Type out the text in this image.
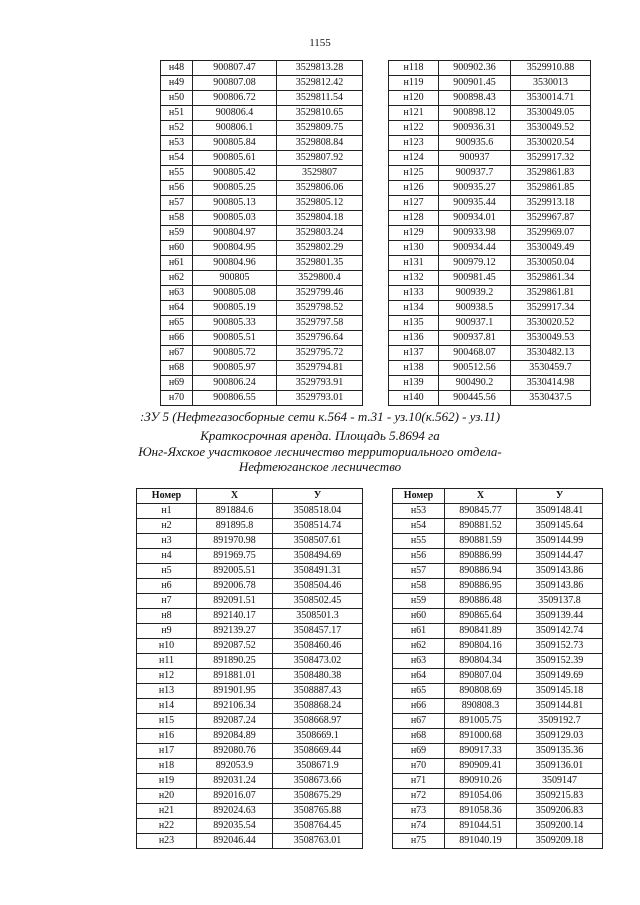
1155
н48	900807.47	3529813.28
н49	900807.08	3529812.42
н50	900806.72	3529811.54
н51	900806.4	3529810.65
н52	900806.1	3529809.75
н53	900805.84	3529808.84
н54	900805.61	3529807.92
н55	900805.42	3529807
н56	900805.25	3529806.06
н57	900805.13	3529805.12
н58	900805.03	3529804.18
н59	900804.97	3529803.24
н60	900804.95	3529802.29
н61	900804.96	3529801.35
н62	900805	3529800.4
н63	900805.08	3529799.46
н64	900805.19	3529798.52
н65	900805.33	3529797.58
н66	900805.51	3529796.64
н67	900805.72	3529795.72
н68	900805.97	3529794.81
н69	900806.24	3529793.91
н70	900806.55	3529793.01
н118	900902.36	3529910.88
н119	900901.45	3530013
н120	900898.43	3530014.71
н121	900898.12	3530049.05
н122	900936.31	3530049.52
н123	900935.6	3530020.54
н124	900937	3529917.32
н125	900937.7	3529861.83
н126	900935.27	3529861.85
н127	900935.44	3529913.18
н128	900934.01	3529967.87
н129	900933.98	3529969.07
н130	900934.44	3530049.49
н131	900979.12	3530050.04
н132	900981.45	3529861.34
н133	900939.2	3529861.81
н134	900938.5	3529917.34
н135	900937.1	3530020.52
н136	900937.81	3530049.53
н137	900468.07	3530482.13
н138	900512.56	3530459.7
н139	900490.2	3530414.98
н140	900445.56	3530437.5
:ЗУ 5 (Нефтегазосборные сети к.564 - т.31 - уз.10(к.562) - уз.11)
Краткосрочная аренда. Площадь 5.8694 га
Юнг-Яхское участковое лесничество территориального отдела-
Нефтеюганское лесничество
Номер	X	У
н1	891884.6	3508518.04
н2	891895.8	3508514.74
н3	891970.98	3508507.61
н4	891969.75	3508494.69
н5	892005.51	3508491.31
н6	892006.78	3508504.46
н7	892091.51	3508502.45
н8	892140.17	3508501.3
н9	892139.27	3508457.17
н10	892087.52	3508460.46
н11	891890.25	3508473.02
н12	891881.01	3508480.38
н13	891901.95	3508887.43
н14	892106.34	3508868.24
н15	892087.24	3508668.97
н16	892084.89	3508669.1
н17	892080.76	3508669.44
н18	892053.9	3508671.9
н19	892031.24	3508673.66
н20	892016.07	3508675.29
н21	892024.63	3508765.88
н22	892035.54	3508764.45
н23	892046.44	3508763.01
Номер	X	У
н53	890845.77	3509148.41
н54	890881.52	3509145.64
н55	890881.59	3509144.99
н56	890886.99	3509144.47
н57	890886.94	3509143.86
н58	890886.95	3509143.86
н59	890886.48	3509137.8
н60	890865.64	3509139.44
н61	890841.89	3509142.74
н62	890804.16	3509152.73
н63	890804.34	3509152.39
н64	890807.04	3509149.69
н65	890808.69	3509145.18
н66	890808.3	3509144.81
н67	891005.75	3509192.7
н68	891000.68	3509129.03
н69	890917.33	3509135.36
н70	890909.41	3509136.01
н71	890910.26	3509147
н72	891054.06	3509215.83
н73	891058.36	3509206.83
н74	891044.51	3509200.14
н75	891040.19	3509209.18
